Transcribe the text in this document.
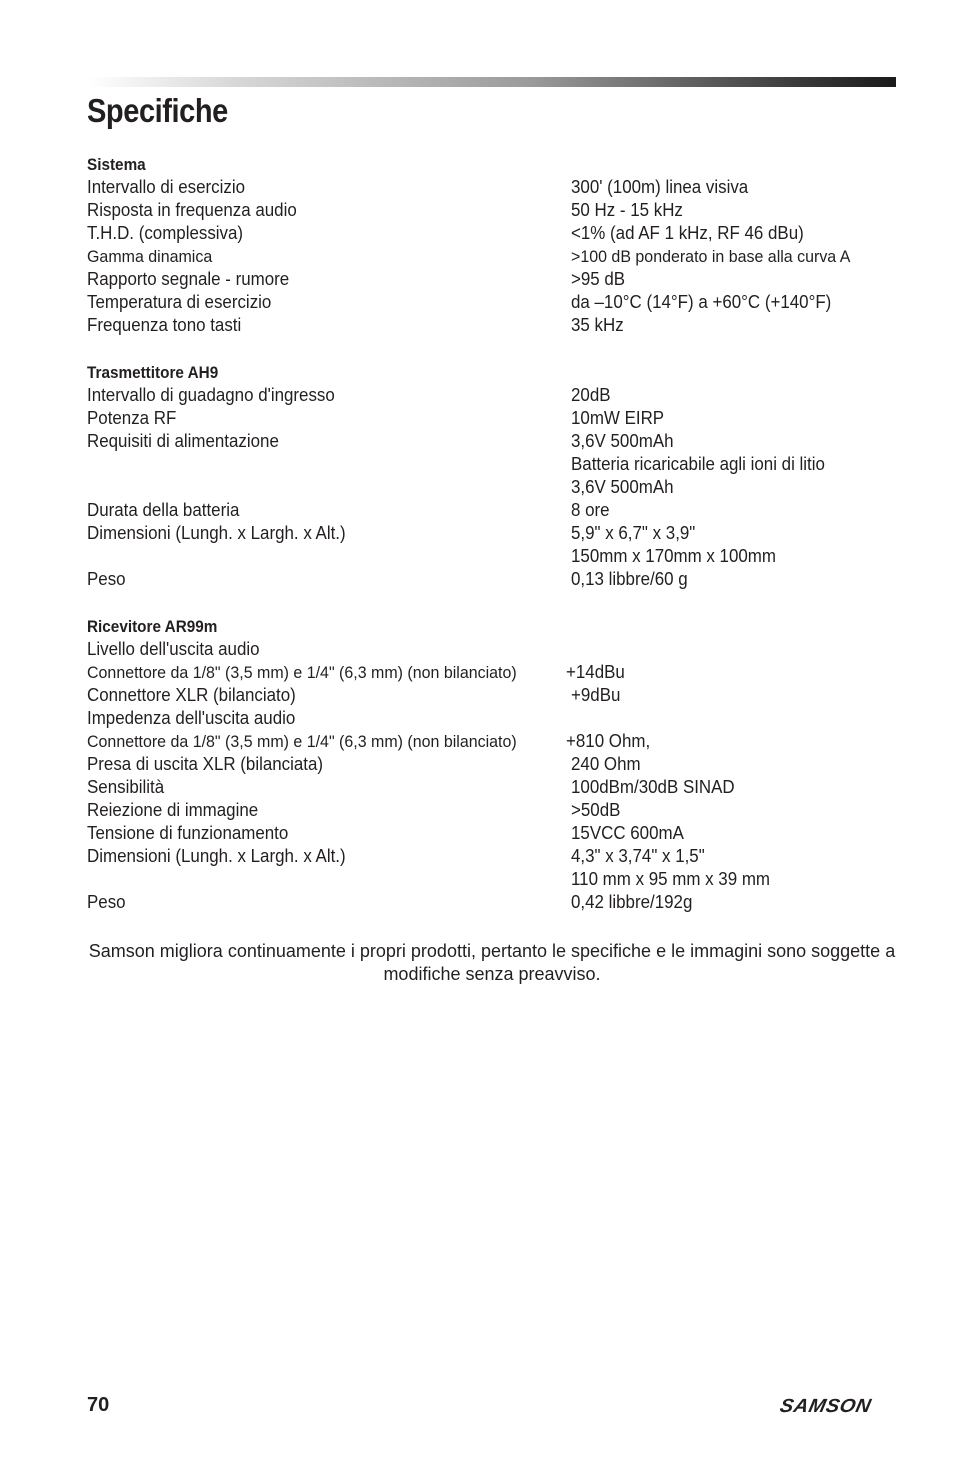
Specifiche
Sistema
Intervallo di esercizio	300' (100m) linea visiva
Risposta in frequenza audio	50 Hz - 15 kHz
T.H.D. (complessiva)	<1% (ad AF 1 kHz, RF 46 dBu)
Gamma dinamica	>100 dB ponderato in base alla curva A
Rapporto segnale - rumore	>95 dB
Temperatura di esercizio	da –10°C (14°F) a +60°C (+140°F)
Frequenza tono tasti	35 kHz
Trasmettitore AH9
Intervallo di guadagno d'ingresso	20dB
Potenza RF	10mW EIRP
Requisiti di alimentazione	3,6V 500mAh
Batteria ricaricabile agli ioni di litio
3,6V 500mAh
Durata della batteria	8 ore
Dimensioni (Lungh. x Largh. x Alt.)	5,9" x 6,7" x 3,9"
150mm x 170mm x 100mm
Peso	0,13 libbre/60 g
Ricevitore AR99m
Livello dell'uscita audio
Connettore da 1/8" (3,5 mm) e 1/4" (6,3 mm) (non bilanciato)	+14dBu
Connettore XLR (bilanciato)	+9dBu
Impedenza dell'uscita audio
Connettore da 1/8" (3,5 mm) e 1/4" (6,3 mm) (non bilanciato)	+810 Ohm,
Presa di uscita XLR (bilanciata)	240 Ohm
Sensibilità	100dBm/30dB SINAD
Reiezione di immagine	>50dB
Tensione di funzionamento	15VCC 600mA
Dimensioni (Lungh. x Largh. x Alt.)	4,3" x 3,74" x 1,5"
110 mm x 95 mm x 39 mm
Peso	0,42 libbre/192g
Samson migliora continuamente i propri prodotti, pertanto le specifiche e le immagini sono soggette a modifiche senza preavviso.
70	SAMSON
